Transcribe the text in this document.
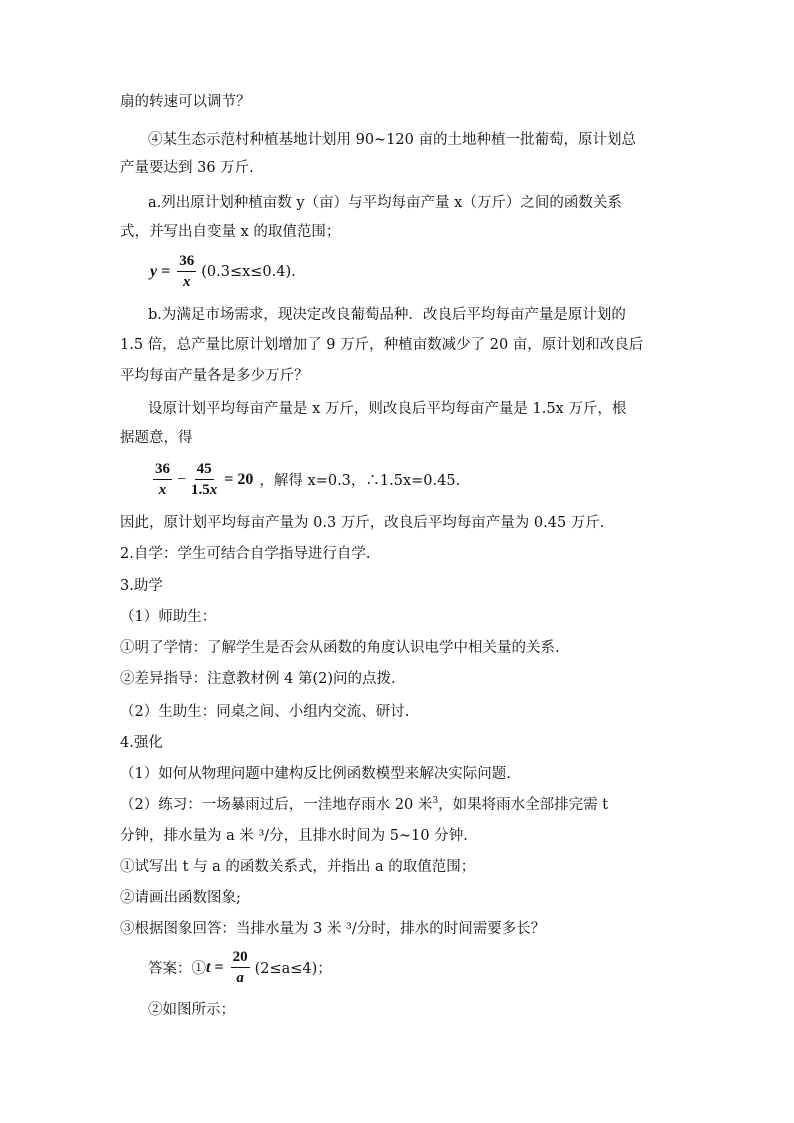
扇的转速可以调节？
④某生态示范村种植基地计划用 90~120 亩的土地种植一批葡萄，原计划总
产量要达到 36 万斤.
a.列出原计划种植亩数 y（亩）与平均每亩产量 x（万斤）之间的函数关系
式，并写出自变量 x 的取值范围；
$y = \frac{36}{x} (0.3\le x\le 0.4)$.
b.为满足市场需求，现决定改良葡萄品种．改良后平均每亩产量是原计划的
1.5 倍，总产量比原计划增加了 9 万斤，种植亩数减少了 20 亩，原计划和改良后
平均每亩产量各是多少万斤？
设原计划平均每亩产量是 x 万斤，则改良后平均每亩产量是 1.5x 万斤，根
据题意，得
$\frac{36}{x} - \frac{45}{1.5x} = 20$ ，解得 x=0.3，∴1.5x=0.45.
因此，原计划平均每亩产量为 0.3 万斤，改良后平均每亩产量为 0.45 万斤.
2.自学：学生可结合自学指导进行自学.
3.助学
（1）师助生：
①明了学情：了解学生是否会从函数的角度认识电学中相关量的关系.
②差异指导：注意教材例 4 第(2)问的点拨.
（2）生助生：同桌之间、小组内交流、研讨.
4.强化
（1）如何从物理问题中建构反比例函数模型来解决实际问题.
（2）练习：一场暴雨过后，一洼地存雨水 20 米$^3$，如果将雨水全部排完需 t
分钟，排水量为 a 米 ³/分，且排水时间为 5~10 分钟.
①试写出 t 与 a 的函数关系式，并指出 a 的取值范围；
②请画出函数图象;
③根据图象回答：当排水量为 3 米 ³/分时，排水的时间需要多长？
答案：① $t = \frac{20}{a} (2\le a\le 4)$；
②如图所示；
